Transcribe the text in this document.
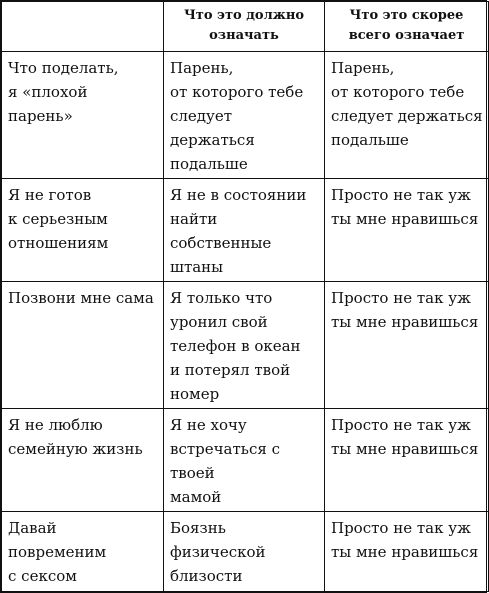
	Что это должно означать	Что это скорее всего означает
Что поделать,
я «плохой
парень»	Парень,
от которого тебе
следует держаться
подальше	Парень,
от которого тебе
следует держаться
подальше
Я не готов
к серьезным
отношениям	Я не в состоянии
найти собственные
штаны	Просто не так уж
ты мне нравишься
Позвони мне сама	Я только что
уронил свой
телефон в океан
и потерял твой
номер	Просто не так уж
ты мне нравишься
Я не люблю
семейную жизнь	Я не хочу
встречаться с твоей
мамой	Просто не так уж
ты мне нравишься
Давай
повременим
с сексом	Боязнь
физической
близости	Просто не так уж
ты мне нравишься
